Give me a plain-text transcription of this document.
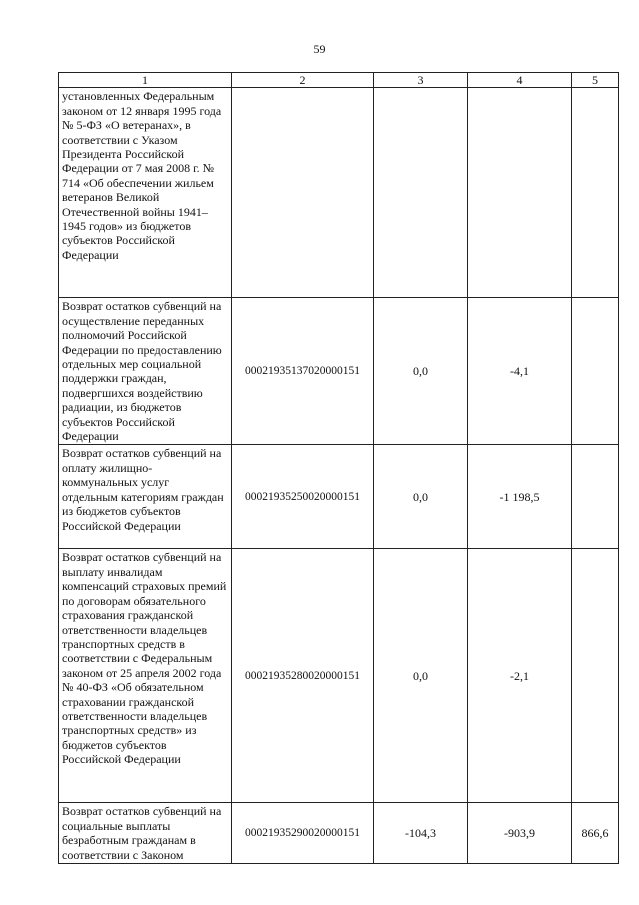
59
1	2	3	4	5
установленных Федеральным законом от 12 января 1995 года № 5-ФЗ «О ветеранах», в соответствии с Указом Президента Российской Федерации от 7 мая 2008 г. № 714 «Об обеспечении жильем ветеранов Великой Отечественной войны 1941–1945 годов» из бюджетов субъектов Российской Федерации				
Возврат остатков субвенций на осуществление переданных полномочий Российской Федерации по предоставлению отдельных мер социальной поддержки граждан, подвергшихся воздействию радиации, из бюджетов субъектов Российской Федерации	00021935137020000151	0,0	-4,1	
Возврат остатков субвенций на оплату жилищно-коммунальных услуг отдельным категориям граждан из бюджетов субъектов Российской Федерации	00021935250020000151	0,0	-1 198,5	
Возврат остатков субвенций на выплату инвалидам компенсаций страховых премий по договорам обязательного страхования гражданской ответственности владельцев транспортных средств в соответствии с Федеральным законом от 25 апреля 2002 года № 40-ФЗ «Об обязательном страховании гражданской ответственности владельцев транспортных средств» из бюджетов субъектов Российской Федерации	00021935280020000151	0,0	-2,1	
Возврат остатков субвенций на социальные выплаты безработным гражданам в соответствии с Законом	00021935290020000151	-104,3	-903,9	866,6
